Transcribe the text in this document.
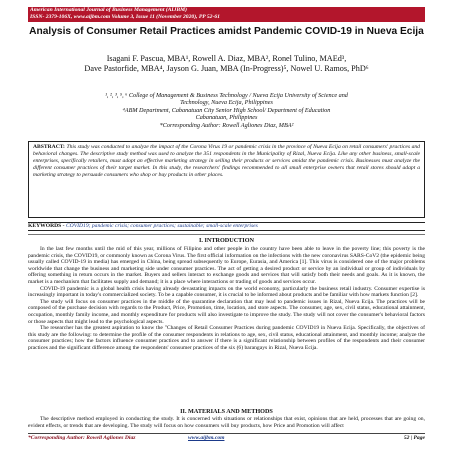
American International Journal of Business Management (AIJBM)
ISSN- 2379-106X, www.aijbm.com Volume 3, Issue 11 (November 2020), PP 52-61
Analysis of Consumer Retail Practices amidst Pandemic COVID-19 in Nueva Ecija
Isagani F. Pascua, MBA¹, Rowell A. Diaz, MBA², Ronel Tulino, MAEd³,
Dave Pastorfide, MBA⁴, Jayson G. Juan, MBA (In-Progress)⁵, Nowel U. Ramos, PhD⁶
¹, ², ³, ⁵, ⁶ College of Management & Business Technology / Nueva Ecija University of Science and
Technology, Nueva Ecija, Philippines
⁴ABM Department, Cabanatuan City Senior High School/ Department of Education
Cabanatuan, Philippines
*Corresponding Author: Rowell Agliones Diaz, MBA²
ABSTRACT: This study was conducted to analyze the impact of the Corona Virus 19 or pandemic crisis in the province of Nueva Ecija on retail consumers' practices and behavioral changes. The descriptive study method was used to analyze the 351 respondents in the Municipality of Rizal, Nueva Ecija. Like any other business, small-scale enterprises, specifically retailers, must adopt an effective marketing strategy in selling their products or services amidst the pandemic crisis. Businesses must analyze the different consumer practices of their target market. In this study, the researchers' findings recommended to all small enterprise owners that retail stores should adapt a marketing strategy to persuade consumers who shop or buy products in other places.
KEYWORDS - COVID19; pandemic crisis; consumer practices; sustainable; small-scale enterprises
I. INTRODUCTION

In the last few months until the mid of this year, millions of Filipino and other people in the country have been able to leave in the poverty line; this poverty is the pandemic crisis, the COVID19, or commonly known as Corona Virus. The first official information on the infections with the new coronavirus SARS-CoV2 (the epidemic being usually called COVID-19 in media) has emerged in China, being spread subsequently to Europe, Eurasia, and America [1]. This virus is considered one of the major problems worldwide that change the business and marketing side under consumer practices. The act of getting a desired product or service by an individual or group of individuals by offering something in return occurs in the market. Buyers and sellers interact to exchange goods and services that will satisfy both their needs and goals. As it is known, the market is a mechanism that facilitates supply and demand; it is a place where interactions or trading of goods and services occur.

COVID-19 pandemic is a global health crisis having already devastating impacts on the world economy, particularly the business retail industry. Consumer expertise is increasingly important in today's commercialized society. To be a capable consumer, it is crucial to be informed about products and be familiar with how markets function [2].

The study will focus on consumer practices in the middle of the quarantine declaration that may lead to pandemic issues in Rizal, Nueva Ecija. The practices will be composed of the purchase decision with regards to the Product, Price, Promotion, time, location, and store aspects. The consumer, age, sex, civil status, educational attainment, occupation, monthly family income, and monthly expenditure for products will also investigate to improve the study. The study will not cover the consumer's behavioral factors or those aspects that might lead to the psychological aspects.

The researcher has the greatest aspiration to know the "Changes of Retail Consumer Practices during pandemic COVID19 in Nueva Ecija. Specifically, the objectives of this study are the following: to determine the profile of the consumer respondents in relations to age, sex, civil status, educational attainment, and monthly income; analyze the consumer practices; how the factors influence consumer practices and to answer if there is a significant relationship between profiles of the respondents and their consumer practices and the significant difference among the respondents' consumer practices of the six (6) barangays in Rizal, Nueva Ecija.

II. MATERIALS AND METHODS

The descriptive method employed in conducting the study. It is concerned with situations or relationships that exist, opinions that are held, processes that are going on, evident effects, or trends that are developing. The study will focus on how consumers will buy products, how Price and Promotion will affect

*Corresponding Author: Rowell Agliones Diaz	www.aijbm.com	52 | Page
